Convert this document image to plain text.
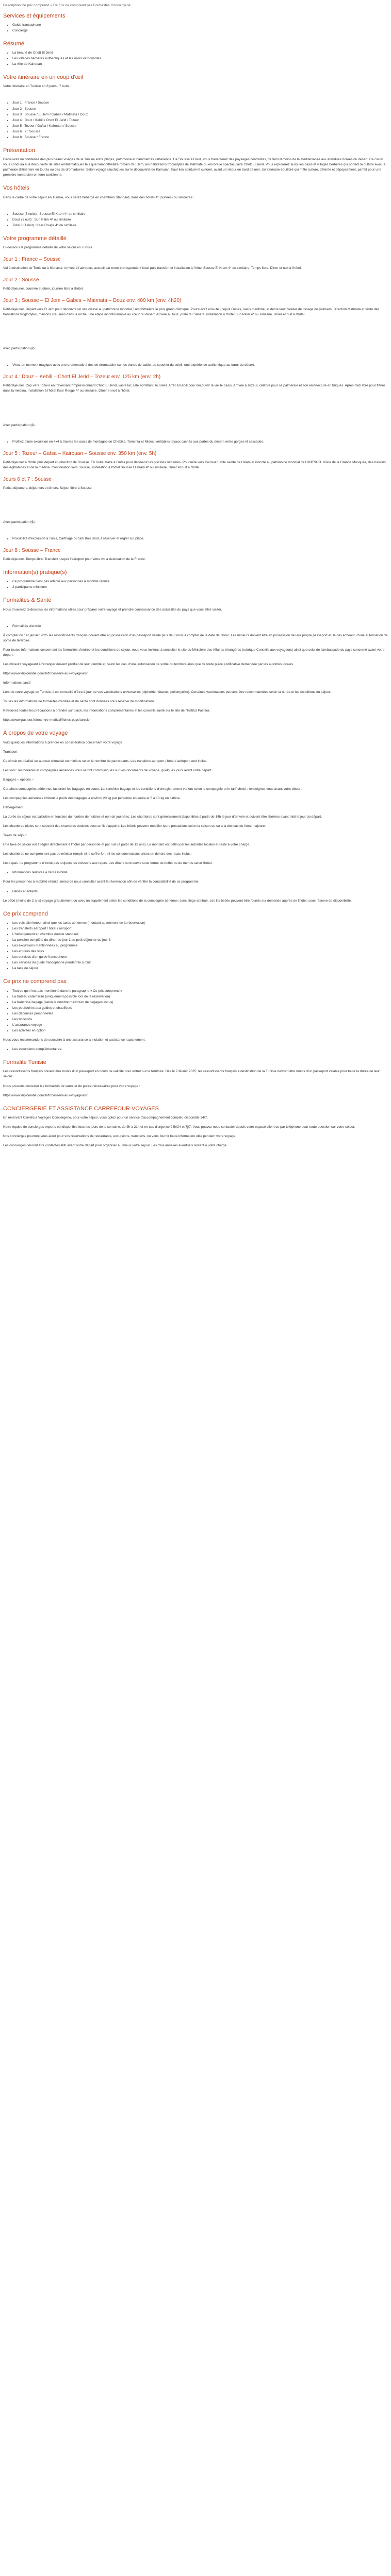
Description Ce prix comprend « Ce prix ne comprend pas Formalités Conciergerie

Services et équipements
• Guide francophone
• Concierge
Résumé
• La beauté de Chott El Jerid
• Les villages berbères authentiques et les oasis verdoyantes
• La ville de Kairouan
Votre itinéraire en un coup d'œil

Votre itinéraire en Tunisie en 8 jours / 7 nuits :

• Jour 1 : France / Sousse
• Jour 2 : Sousse
• Jour 3 : Sousse / El Jem / Gabes / Matmata / Douz
• Jour 4 : Douz / Kebili / Chott El Jerid / Tozeur
• Jour 5 : Tozeur / Gafsa / Kairouan / Sousse
• Jour 6 : 7 : Sousse
• Jour 8 : Sousse / France
Présentation

Découvrez un condensé des plus beaux visages de la Tunisie entre plages, patrimoine et hammamás saharienne. De Sousse à Douz, vous traverserez des paysages contrastés, de fiers témoins de la Méditerranée aux étendues dorées du désert. Ce circuit vous conduira à la découverte de sites emblématiques tels que l'amphithéâtre romain d'El Jem, les habitations troglodytes de Matmata ou encore le spectaculaire Chott El Jerid. Vous explorerez aussi les oasis et villages berbères qui portent la culture avec la palmeraie d'Itinéraire en tout la ou des de dromadaires. Selon voyage rauchiques sur le découverte de Kairouan, haut lieu spirituel et culturel, avant un retour en bord de mer. Un itinéraire équilibré qui mêle culture, détente et dépaysement, parfait pour une première immersion en terre tunisienne.

Vos hôtels

Dans le cadre de votre séjour en Tunisie, vous serez hébergé en chambres Standard, dans des hôtels 4* (nuitées) ou similaires :

• Sousse (5 nuits) : Sousse El Kram 4* ou similaire
• Douz (1 nuit) : Sun Palm 4* ou similaire
• Tozeur (1 nuit) : Ksar Rouge 4* ou similaire
Votre programme détaillé

Ci-dessous le programme détaillé de votre séjour en Tunisie.

Jour 1 : France – Sousse

Vol à destination de Tunis ou à Monastir. Arrivée à l'aéroport, accueil par notre correspondant local puis transfert et installation à l'hôtel Sousse El Kram 4* ou similaire. Temps libre. Dîner et nuit à l'hôtel.

Jour 2 : Sousse

Petit-déjeuner. Journée et dîner, journée libre à l'hôtel.

Jour 3 : Sousse – El Jem – Gabes – Matmata – Douz env. 400 km (env. 4h20)

Petit-déjeuner. Départ vers El Jem pour découvrir un site classé au patrimoine mondial, l'amphithéâtre le plus grand d'Afrique. Poursuivez ensuite jusqu'à Gabes, oasis maritime, et découvrez l'atelier de tissage de palmiers. Direction Matmata et visite des habitations troglodytes, maisons creusées dans la roche, une étape incontournable au cœur du désert. Arrivée à Douz, porte du Sahara, installation à l'hôtel Sun Palm 4* ou similaire. Dîner et nuit à l'hôtel.

Avec participation (€) :

• Vivez un moment magique avec une promenade à dos de dromadaire sur les dunes de sable, au coucher du soleil, une expérience authentique au cœur du désert.
Jour 4 : Douz – Kebili – Chott El Jerid – Tozeur env. 125 km (env. 2h)

Petit-déjeuner. Cap vers Tozeur en traversant l'impressionnant Chott El Jerid, vaste lac salé scintillant au soleil. Arrêt à Kebili pour découvrir la vieille oasis. Arrivée à Tozeur, célèbre pour sa palmeraie et son architecture en briques. Après-midi libre pour flâner dans la médina. Installation à l'hôtel Ksar Rouge 4* ou similaire. Dîner et nuit à l'hôtel.

Avec participation (€) :

• Profitez d'une excursion en 4x4 à travers les oasis de montagne de Chebika, Tamerza et Mides, véritables joyaux cachés aux portes du désert, entre gorges et cascades.
Jour 5 : Tozeur – Gafsa – Kairouan – Sousse env. 350 km (env. 5h)

Petit-déjeuner à l'hôtel puis départ en direction de Sousse. En route, halte à Gafsa pour découvrir les piscines romaines. Poursuite vers Kairouan, ville sainte de l'islam et inscrite au patrimoine mondial de l'UNESCO. Visite de la Grande Mosquée, des bassins des Aghlabides et de la médina. Continuation vers Sousse, installation à l'hôtel Sousse El Kram 4* ou similaire. Dîner et nuit à l'hôtel.

Jours 6 et 7 : Sousse

Petits-déjeuners, déjeuners et dîners. Séjour libre à Sousse.

Avec participation (€) :

• Possibilité d'excursion à Tunis, Carthage ou Sidi Bou Saïd, à réserver et régler sur place.
Jour 8 : Sousse – France

Petit-déjeuner. Temps libre. Transfert jusqu'à l'aéroport pour votre vol à destination de la France.

Information(s) pratique(s)
• Ce programme n'est pas adapté aux personnes à mobilité réduite
• 2 participants minimum
Formalités & Santé

Nous trouverez ci-dessous les informations utiles pour préparer votre voyage et prendre connaissance des actualités du pays que vous allez visiter.

• Formalités d'entrée

À compter du 1er janvier 2025 les ressortissants français doivent être en possession d'un passeport valide plus de 6 mois à compter de la date de retour. Les mineurs doivent être en possession de leur propre passeport et, le cas échéant, d'une autorisation de sortie de territoire.

Pour toutes informations concernant les formalités d'entrée et les conditions de séjour, nous vous invitons à consulter le site du Ministère des Affaires étrangères (rubrique Conseils aux voyageurs) ainsi que celui de l'ambassade du pays concerné avant votre départ.

Les mineurs voyageant à l'étranger doivent justifier de leur identité et, selon les cas, d'une autorisation de sortie du territoire ainsi que de toute pièce justificative demandée par les autorités locales.

https://www.diplomatie.gouv.fr/fr/conseils-aux-voyageurs/

Informations santé

Lors de votre voyage en Tunisie, il est conseillé d'être à jour de vos vaccinations universelles (diphtérie, tétanos, poliomyélite). Certaines vaccinations peuvent être recommandées selon la durée et les conditions du séjour.

Toutes les informations de formalités d'entrée et de santé sont données sous réserve de modifications.

Retrouvez toutes les précautions à prendre sur place, les informations complémentaires et les conseils santé sur le site de l'Institut Pasteur.

https://www.pasteur.fr/fr/centre-medical/fiches-pays/tunisie

À propos de votre voyage

Voici quelques informations à prendre en considération concernant votre voyage.

Transport

Ce circuit est réalisé en autocar climatisé ou minibus selon le nombre de participants. Les transferts aéroport / hôtel / aéroport sont inclus.

Les vols : les horaires et compagnies aériennes vous seront communiqués sur vos documents de voyage, quelques jours avant votre départ.

Bagages – options –

Certaines compagnies aériennes facturent les bagages en soute. La franchise bagage et les conditions d'enregistrement varient selon la compagnie et le tarif choisi ; renseignez-vous avant votre départ.

Les compagnies aériennes limitent le poids des bagages à environ 20 kg par personne en soute et 5 à 10 kg en cabine.

Hébergement

La durée du séjour est calculée en fonction du nombre de nuitées et non de journées. Les chambres sont généralement disponibles à partir de 14h le jour d'arrivée et doivent être libérées avant midi le jour du départ.

Les chambres triples sont souvent des chambres doubles avec un lit d'appoint. Les hôtels peuvent modifier leurs prestations selon la saison ou suite à des cas de force majeure.

Taxes de séjour

Une taxe de séjour est à régler directement à l'hôtel par personne et par nuit (à partir de 12 ans). Le montant est défini par les autorités locales et reste à votre charge.

Les chambres ne comprennent pas de minibar rempli, ni le coffre-fort, ni les consommations prises en dehors des repas inclus.

Les repas : le programme n'inclut pas toujours les boissons aux repas. Les dîners sont servis sous forme de buffet ou de menus selon l'hôtel.

• Informations relatives à l'accessibilité

Pour les personnes à mobilité réduite, merci de nous consulter avant la réservation afin de vérifier la compatibilité de ce programme.

• Bébés et enfants

Le bébé (moins de 2 ans) voyage gratuitement ou avec un supplément selon les conditions de la compagnie aérienne, sans siège attribué. Les lits bébés peuvent être fournis sur demande auprès de l'hôtel, sous réserve de disponibilité.

Ce prix comprend
• Les vols aller/retour, ainsi que les taxes aériennes (montant au moment de la réservation)
• Les transferts aéroport / hôtel / aéroport
• L'hébergement en chambre double standard
• La pension complète du dîner du jour 1 au petit-déjeuner du jour 8
• Les excursions mentionnées au programme
• Les entrées des sites
• Les services d'un guide francophone
• Les services du guide francophone pendant le circuit
• La taxe de séjour
Ce prix ne comprend pas
• Tout ce qui n'est pas mentionné dans le paragraphe « Ce prix comprend »
• Le bateau catamaran (uniquement possible lors de la réservation)
• La franchise bagage (selon le nombre maximum de bagages inclus)
• Les pourboires aux guides et chauffeurs
• Les dépenses personnelles
• Les boissons
• L'assurance voyage
• Les activités en option

Nous vous recommandons de souscrire à une assurance annulation et assistance rapatriement.

• Les excursions complémentaires.
Formalité Tunisie

Les ressortissants français doivent être munis d'un passeport en cours de validité pour entrer sur le territoire. Dès le 7 février 2025, les ressortissants français à destination de la Tunisie devront être munis d'un passeport valable pour toute la durée de leur séjour.

Nous pouvons consulter les formalités de santé et de police nécessaires pour votre voyage :

https://www.diplomatie.gouv.fr/fr/conseils-aux-voyageurs/

CONCIERGERIE ET ASSISTANCE CARREFOUR VOYAGES

En réservant Carrefour Voyages Conciergerie, pour votre séjour, vous optez pour un service d'accompagnement complet, disponible 24/7.

Notre équipe de concierges experts est disponible tous les jours de la semaine, de 9h à 21h et en cas d'urgence 24h/24 et 7j/7. Vous pouvez nous contacter depuis votre espace client ou par téléphone pour toute question sur votre séjour.

Nos concierges pourront vous aider pour vos réservations de restaurants, excursions, transferts, ou vous fournir toute information utile pendant votre voyage.

Les concierges devront être contactés 48h avant votre départ pour organiser au mieux votre séjour. Les frais annexes éventuels restent à votre charge.
